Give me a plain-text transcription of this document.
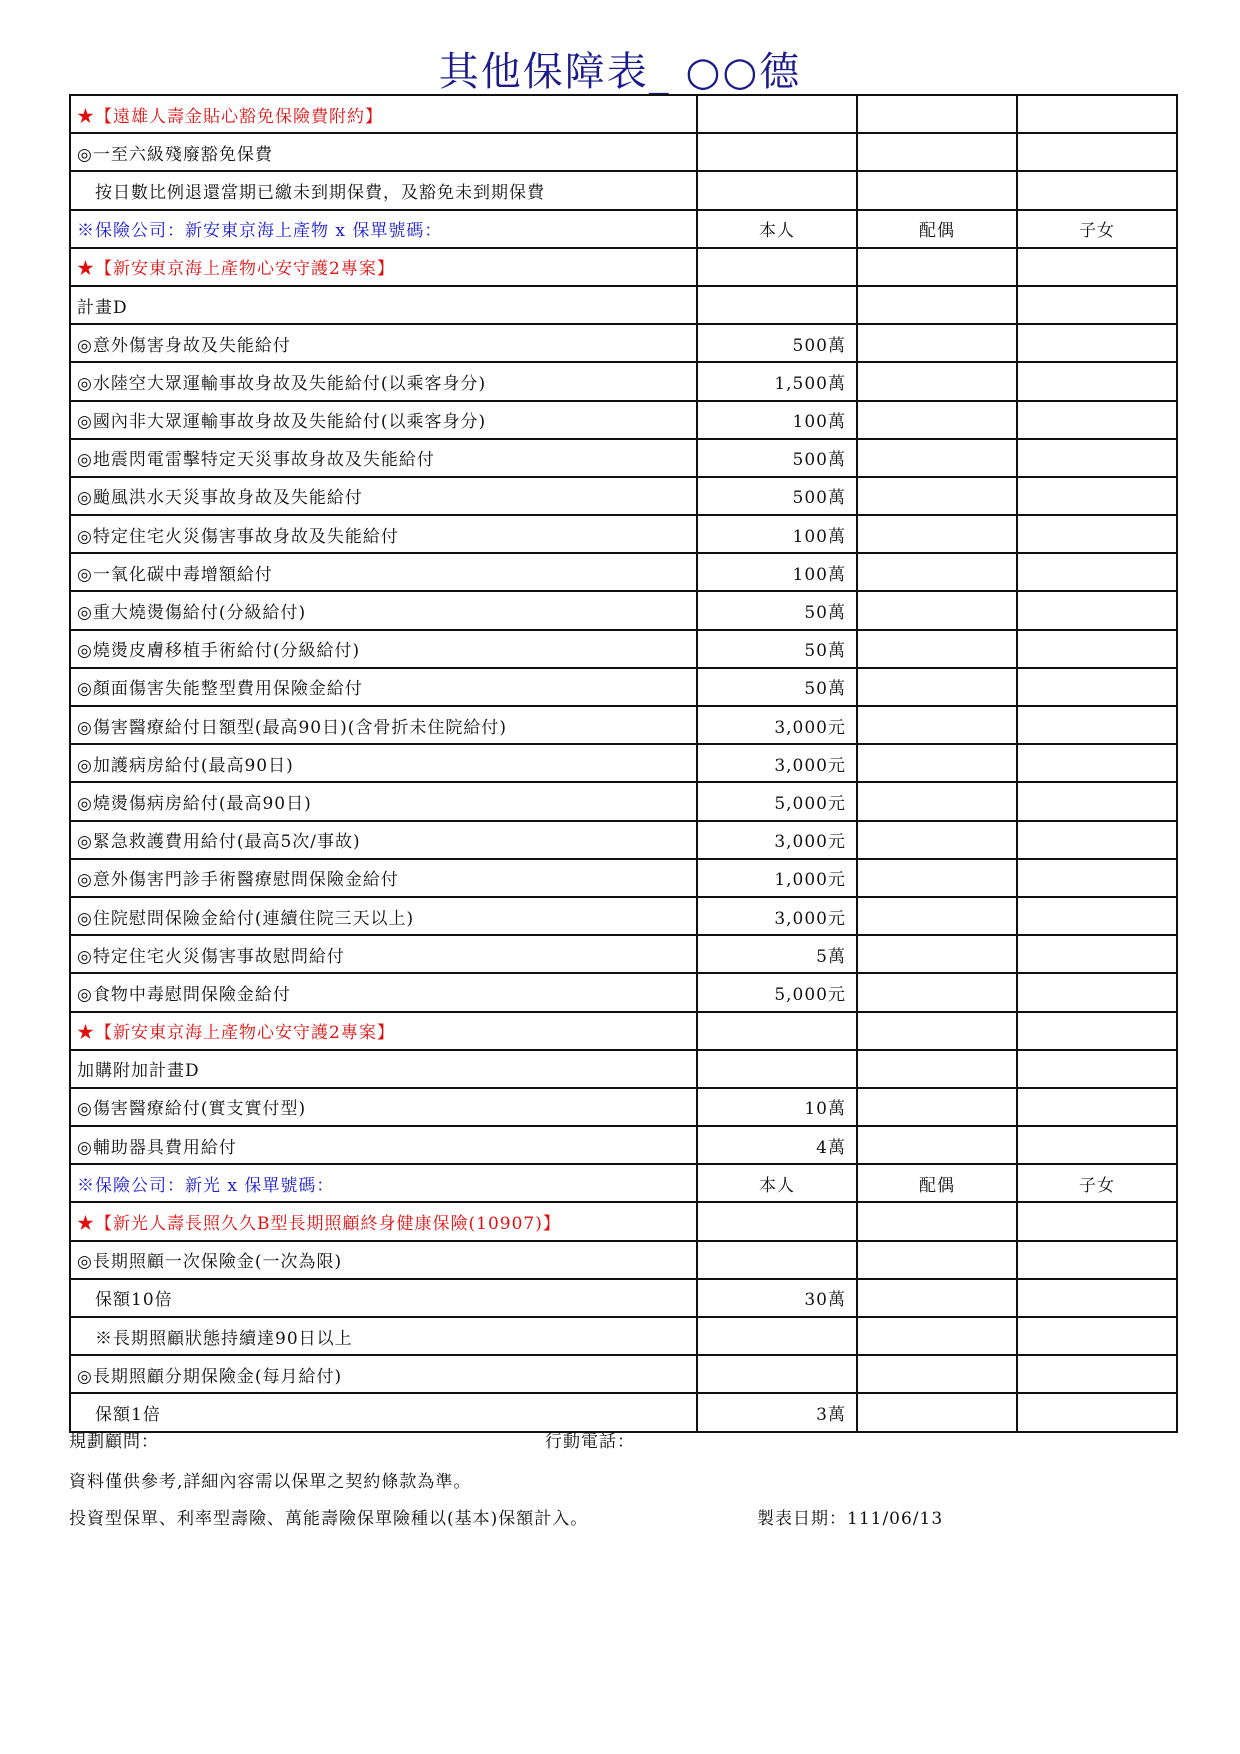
其他保障表_ ○○德
★【遠雄人壽金貼心豁免保險費附約】			
◎一至六級殘廢豁免保費			
按日數比例退還當期已繳未到期保費，及豁免未到期保費			
※保險公司：新安東京海上產物 x 保單號碼：	本人	配偶	子女
★【新安東京海上產物心安守護2專案】			
計畫D			
◎意外傷害身故及失能給付	500萬		
◎水陸空大眾運輸事故身故及失能給付(以乘客身分)	1,500萬		
◎國內非大眾運輸事故身故及失能給付(以乘客身分)	100萬		
◎地震閃電雷擊特定天災事故身故及失能給付	500萬		
◎颱風洪水天災事故身故及失能給付	500萬		
◎特定住宅火災傷害事故身故及失能給付	100萬		
◎一氧化碳中毒增額給付	100萬		
◎重大燒燙傷給付(分級給付)	50萬		
◎燒燙皮膚移植手術給付(分級給付)	50萬		
◎顏面傷害失能整型費用保險金給付	50萬		
◎傷害醫療給付日額型(最高90日)(含骨折未住院給付)	3,000元		
◎加護病房給付(最高90日)	3,000元		
◎燒燙傷病房給付(最高90日)	5,000元		
◎緊急救護費用給付(最高5次/事故)	3,000元		
◎意外傷害門診手術醫療慰問保險金給付	1,000元		
◎住院慰問保險金給付(連續住院三天以上)	3,000元		
◎特定住宅火災傷害事故慰問給付	5萬		
◎食物中毒慰問保險金給付	5,000元		
★【新安東京海上產物心安守護2專案】			
加購附加計畫D			
◎傷害醫療給付(實支實付型)	10萬		
◎輔助器具費用給付	4萬		
※保險公司：新光 x 保單號碼：	本人	配偶	子女
★【新光人壽長照久久B型長期照顧終身健康保險(10907)】			
◎長期照顧一次保險金(一次為限)			
保額10倍	30萬		
※長期照顧狀態持續達90日以上			
◎長期照顧分期保險金(每月給付)			
保額1倍	3萬		
規劃顧問：	行動電話：
資料僅供參考,詳細內容需以保單之契約條款為準。
投資型保單、利率型壽險、萬能壽險保單險種以(基本)保額計入。	製表日期：111/06/13
